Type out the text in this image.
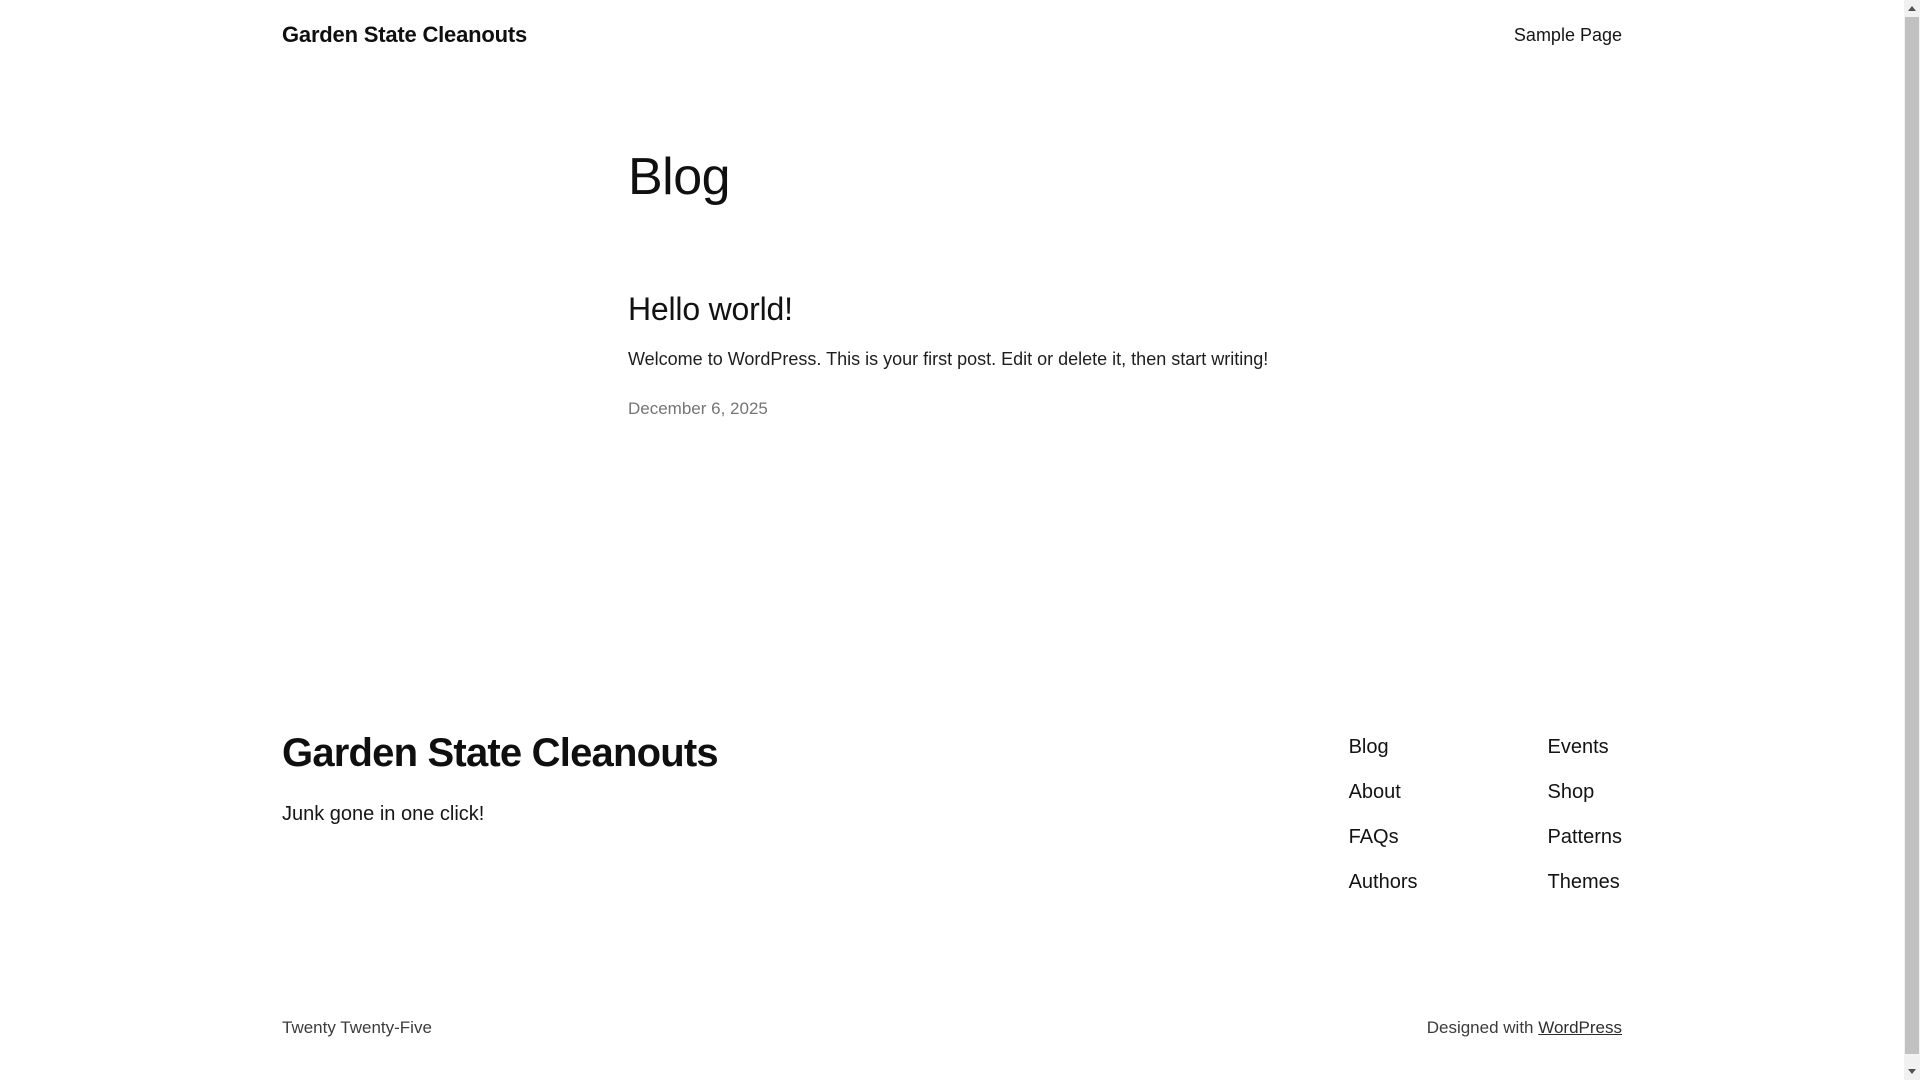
Garden State Cleanouts	Sample Page
Blog
Hello world!

Welcome to WordPress. This is your first post. Edit or delete it, then start writing!

December 6, 2025
Garden State Cleanouts
Junk gone in one click!
Blog
About
FAQs
Authors
Events
Shop
Patterns
Themes
Twenty Twenty-Five	Designed with WordPress
